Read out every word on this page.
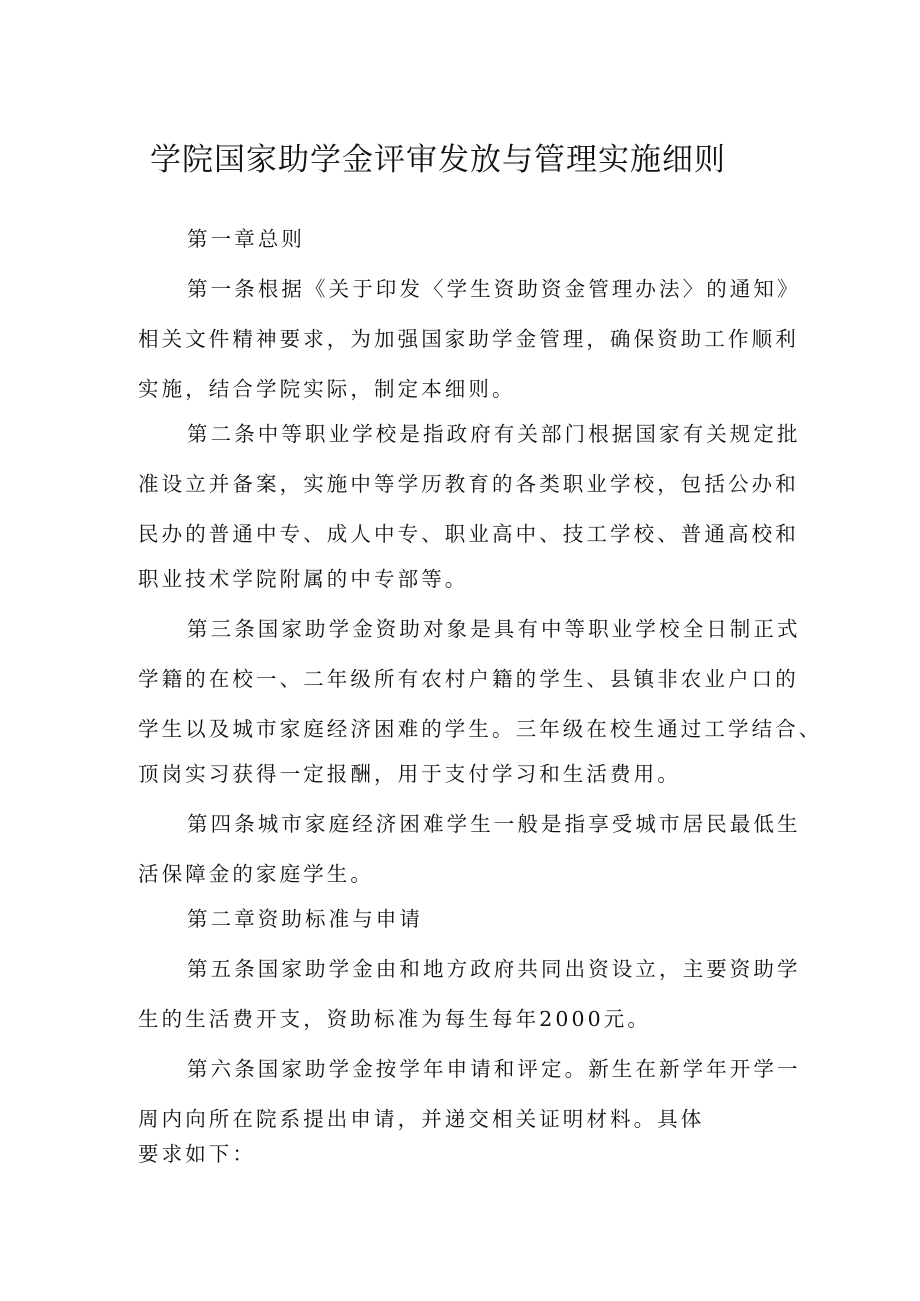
学院国家助学金评审发放与管理实施细则

第一章总则

第一条根据《关于印发〈学生资助资金管理办法〉的通知》

相关文件精神要求，为加强国家助学金管理，确保资助工作顺利

实施，结合学院实际，制定本细则。

第二条中等职业学校是指政府有关部门根据国家有关规定批

准设立并备案，实施中等学历教育的各类职业学校，包括公办和

民办的普通中专、成人中专、职业高中、技工学校、普通高校和

职业技术学院附属的中专部等。

第三条国家助学金资助对象是具有中等职业学校全日制正式

学籍的在校一、二年级所有农村户籍的学生、县镇非农业户口的

学生以及城市家庭经济困难的学生。三年级在校生通过工学结合、

顶岗实习获得一定报酬，用于支付学习和生活费用。

第四条城市家庭经济困难学生一般是指享受城市居民最低生

活保障金的家庭学生。

第二章资助标准与申请

第五条国家助学金由和地方政府共同出资设立，主要资助学

生的生活费开支，资助标准为每生每年2000元。

第六条国家助学金按学年申请和评定。新生在新学年开学一

周内向所在院系提出申请，并递交相关证明材料。具体

要求如下：
